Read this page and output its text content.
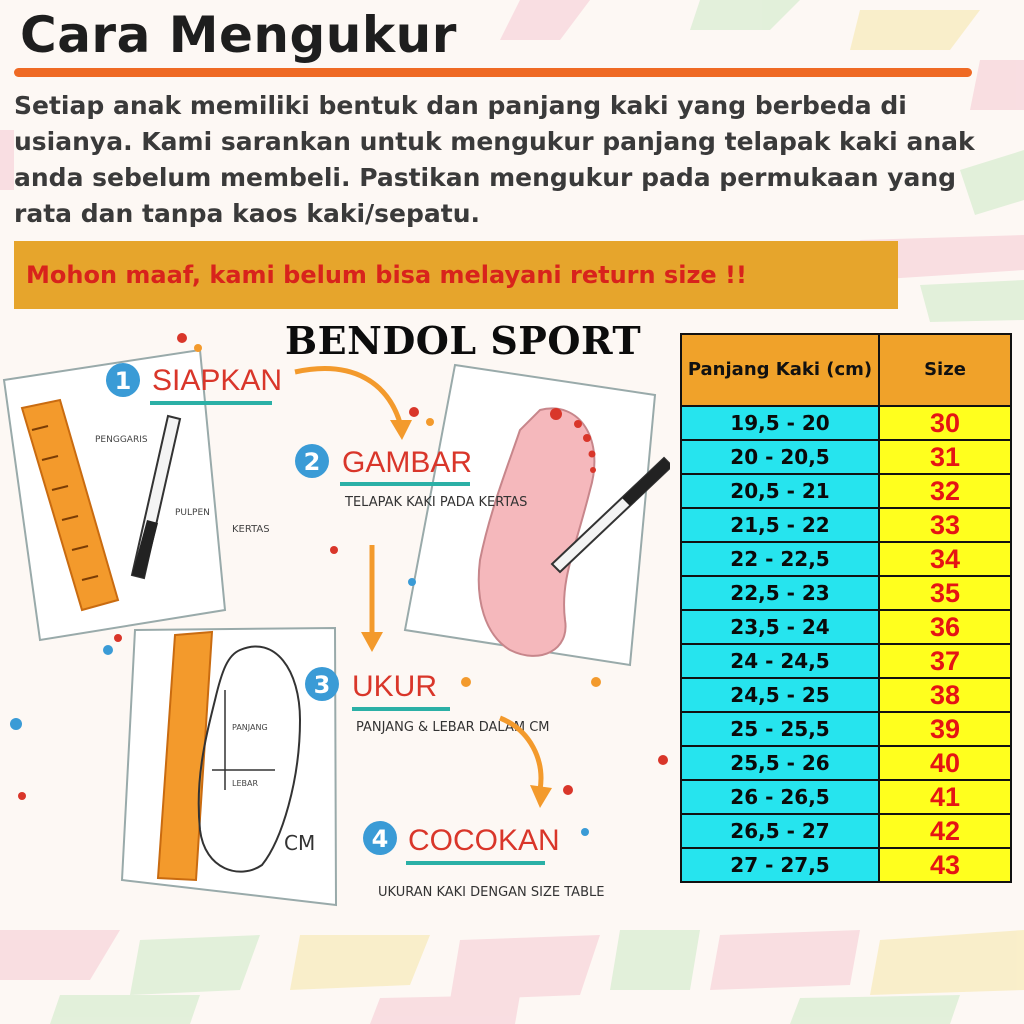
Cara Mengukur

Setiap anak memiliki bentuk dan panjang kaki yang berbeda di usianya. Kami sarankan untuk mengukur panjang telapak kaki anak anda sebelum membeli. Pastikan mengukur pada permukaan yang rata dan tanpa kaos kaki/sepatu.

Mohon maaf, kami belum bisa melayani return size !!
BENDOL SPORT
PENGGARIS
PULPEN
KERTAS
1 SIAPKAN
2 GAMBAR
TELAPAK KAKI PADA KERTAS
PANJANG
LEBAR
CM
3 UKUR
PANJANG & LEBAR DALAM CM
4 COCOKAN
UKURAN KAKI DENGAN SIZE TABLE
Panjang Kaki (cm)	Size
19,5 - 20	30
20 - 20,5	31
20,5 - 21	32
21,5 - 22	33
22 - 22,5	34
22,5 - 23	35
23,5 - 24	36
24 - 24,5	37
24,5 - 25	38
25 - 25,5	39
25,5 - 26	40
26 - 26,5	41
26,5 - 27	42
27 - 27,5	43
